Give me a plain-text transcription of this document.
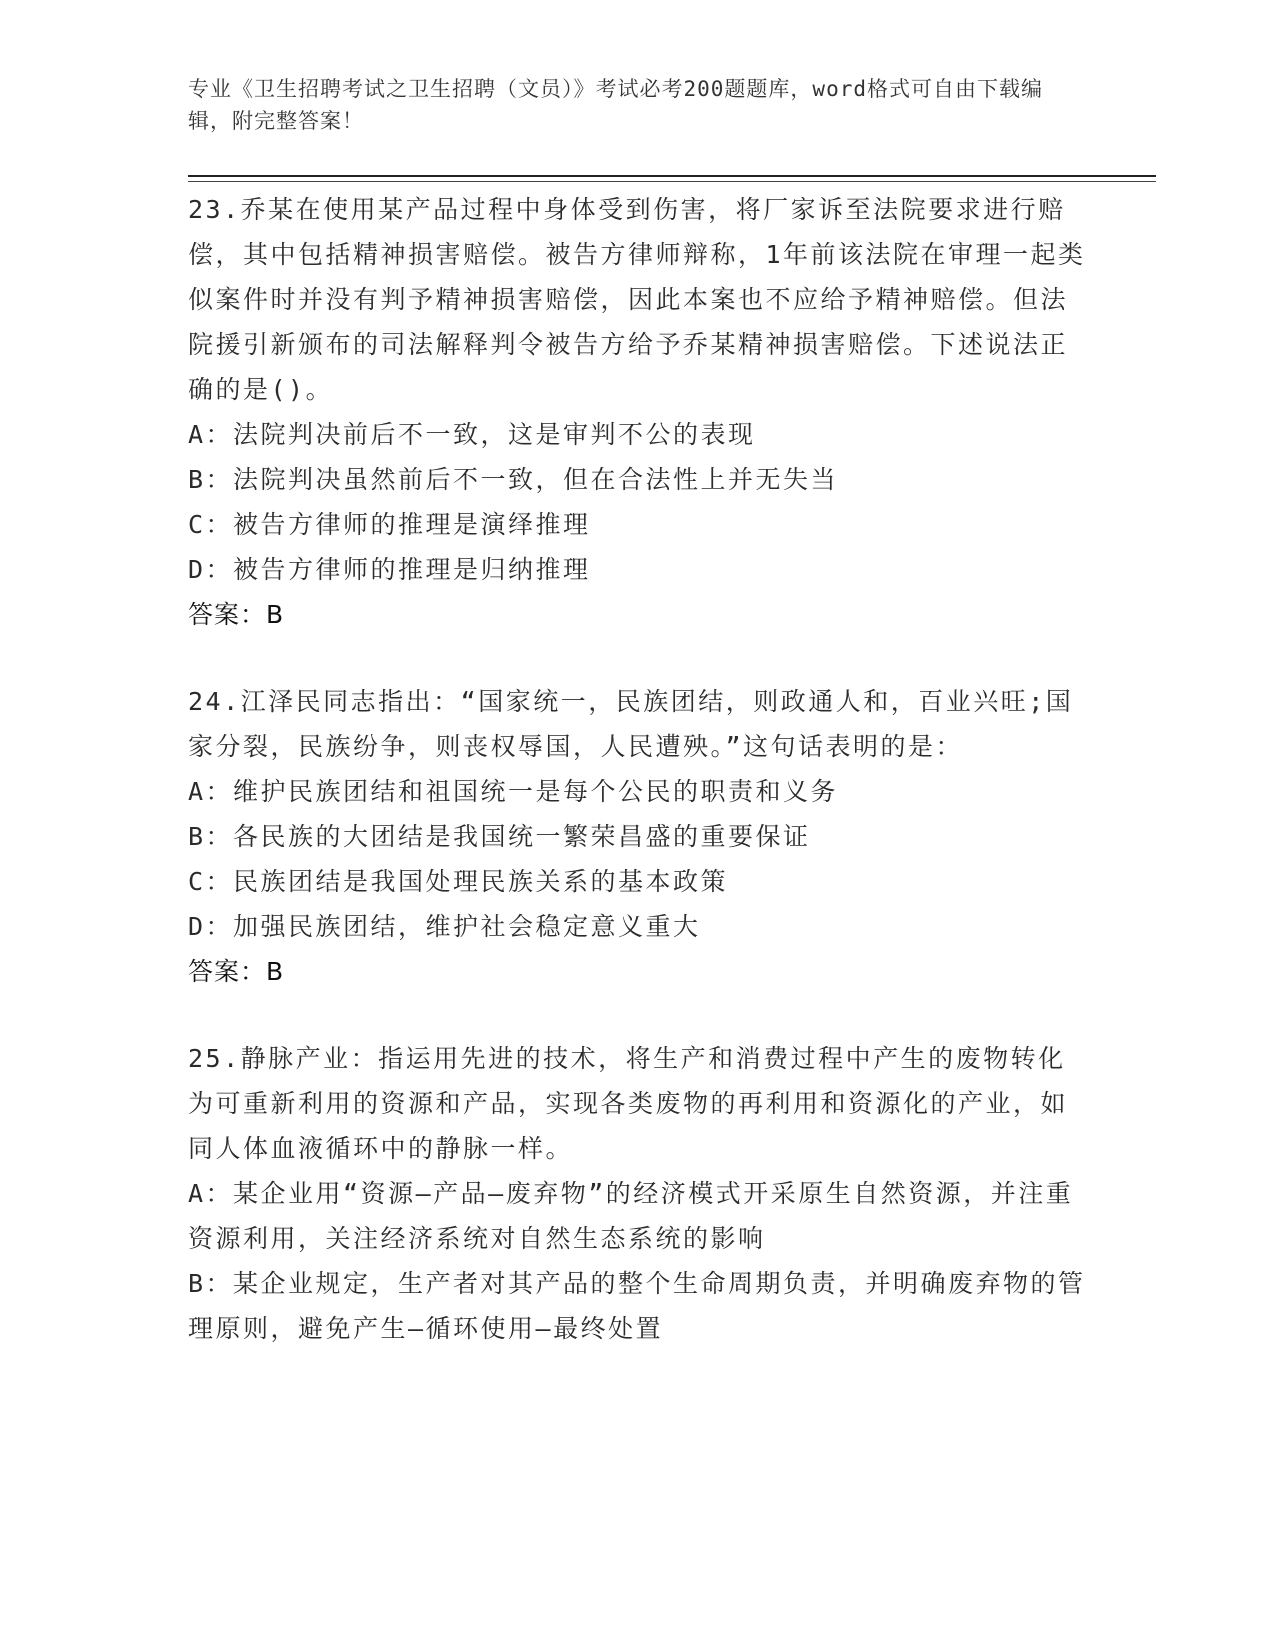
专业《卫生招聘考试之卫生招聘（文员）》考试必考200题题库，word格式可自由下载编辑，附完整答案！

23.乔某在使用某产品过程中身体受到伤害，将厂家诉至法院要求进行赔偿，其中包括精神损害赔偿。被告方律师辩称，1年前该法院在审理一起类似案件时并没有判予精神损害赔偿，因此本案也不应给予精神赔偿。但法院援引新颁布的司法解释判令被告方给予乔某精神损害赔偿。下述说法正确的是()。

A：法院判决前后不一致，这是审判不公的表现

B：法院判决虽然前后不一致，但在合法性上并无失当

C：被告方律师的推理是演绎推理

D：被告方律师的推理是归纳推理

答案：B

24.江泽民同志指出：“国家统一，民族团结，则政通人和，百业兴旺;国家分裂，民族纷争，则丧权辱国，人民遭殃。”这句话表明的是：

A：维护民族团结和祖国统一是每个公民的职责和义务

B：各民族的大团结是我国统一繁荣昌盛的重要保证

C：民族团结是我国处理民族关系的基本政策

D：加强民族团结，维护社会稳定意义重大

答案：B

25.静脉产业：指运用先进的技术，将生产和消费过程中产生的废物转化为可重新利用的资源和产品，实现各类废物的再利用和资源化的产业，如同人体血液循环中的静脉一样。

A：某企业用“资源—产品—废弃物”的经济模式开采原生自然资源，并注重资源利用，关注经济系统对自然生态系统的影响

B：某企业规定，生产者对其产品的整个生命周期负责，并明确废弃物的管理原则，避免产生—循环使用—最终处置
